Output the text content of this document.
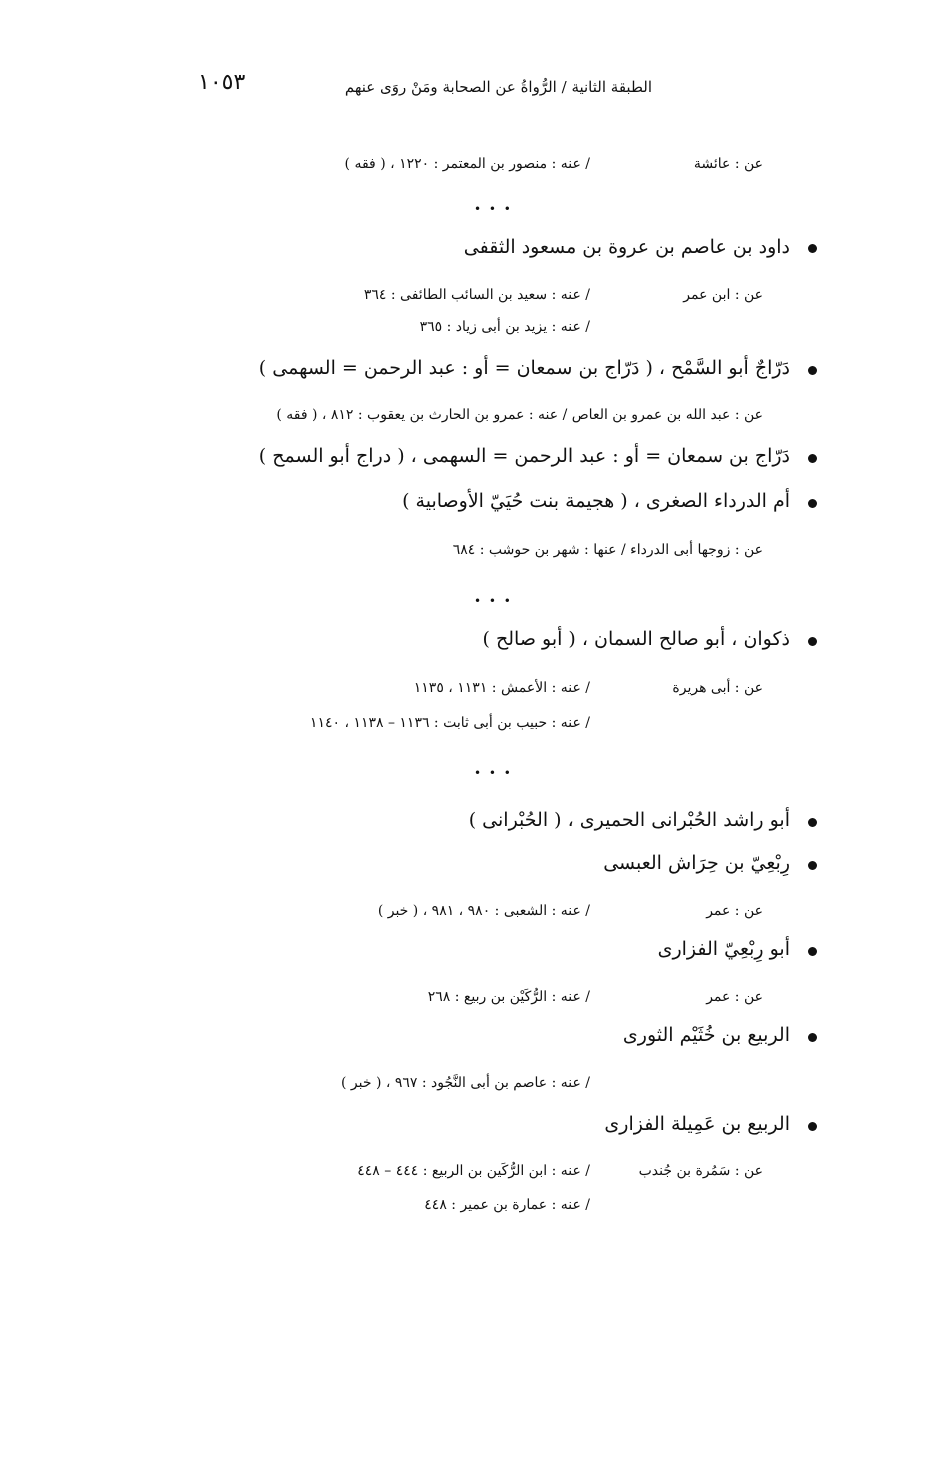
الطبقة الثانية / الرُّواةُ عن الصحابة ومَنْ روَى عنهم
١٠٥٣
عن : عائشة
/ عنه : منصور بن المعتمر : ١٢٢٠ ، ( فقه )
• • •
داود بن عاصم بن عروة بن مسعود الثقفى
عن : ابن عمر
/ عنه : سعيد بن السائب الطائفى : ٣٦٤
/ عنه : يزيد بن أبى زياد : ٣٦٥
دَرّاجٌ أبو السَّمْح ، ( دَرّاج بن سمعان = أو : عبد الرحمن = السهمى )
عن : عبد الله بن عمرو بن العاص / عنه : عمرو بن الحارث بن يعقوب : ٨١٢ ، ( فقه )
دَرّاج بن سمعان = أو : عبد الرحمن = السهمى ، ( دراج أبو السمح )
أم الدرداء الصغرى ، ( هجيمة بنت حُيَيّ الأوصابية )
عن : زوجها أبى الدرداء / عنها : شهر بن حوشب : ٦٨٤
• • •
ذكوان ، أبو صالح السمان ، ( أبو صالح )
عن : أبى هريرة
/ عنه : الأعمش : ١١٣١ ، ١١٣٥
/ عنه : حبيب بن أبى ثابت : ١١٣٦ – ١١٣٨ ، ١١٤٠
• • •
أبو راشد الحُبْرانى الحميرى ، ( الحُبْرانى )
رِبْعِيّ بن حِرَاش العبسى
عن : عمر
/ عنه : الشعبى : ٩٨٠ ، ٩٨١ ، ( خبر )
أبو رِبْعِيّ الفزارى
عن : عمر
/ عنه : الرُّكَيْن بن ربيع : ٢٦٨
الربيع بن خُثَيْم الثورى
/ عنه : عاصم بن أبى النَّجُود : ٩٦٧ ، ( خبر )
الربيع بن عَمِيلة الفزارى
عن : سَمُرة بن جُندب
/ عنه : ابن الرُّكَين بن الربيع : ٤٤٤ – ٤٤٨
/ عنه : عمارة بن عمير : ٤٤٨
